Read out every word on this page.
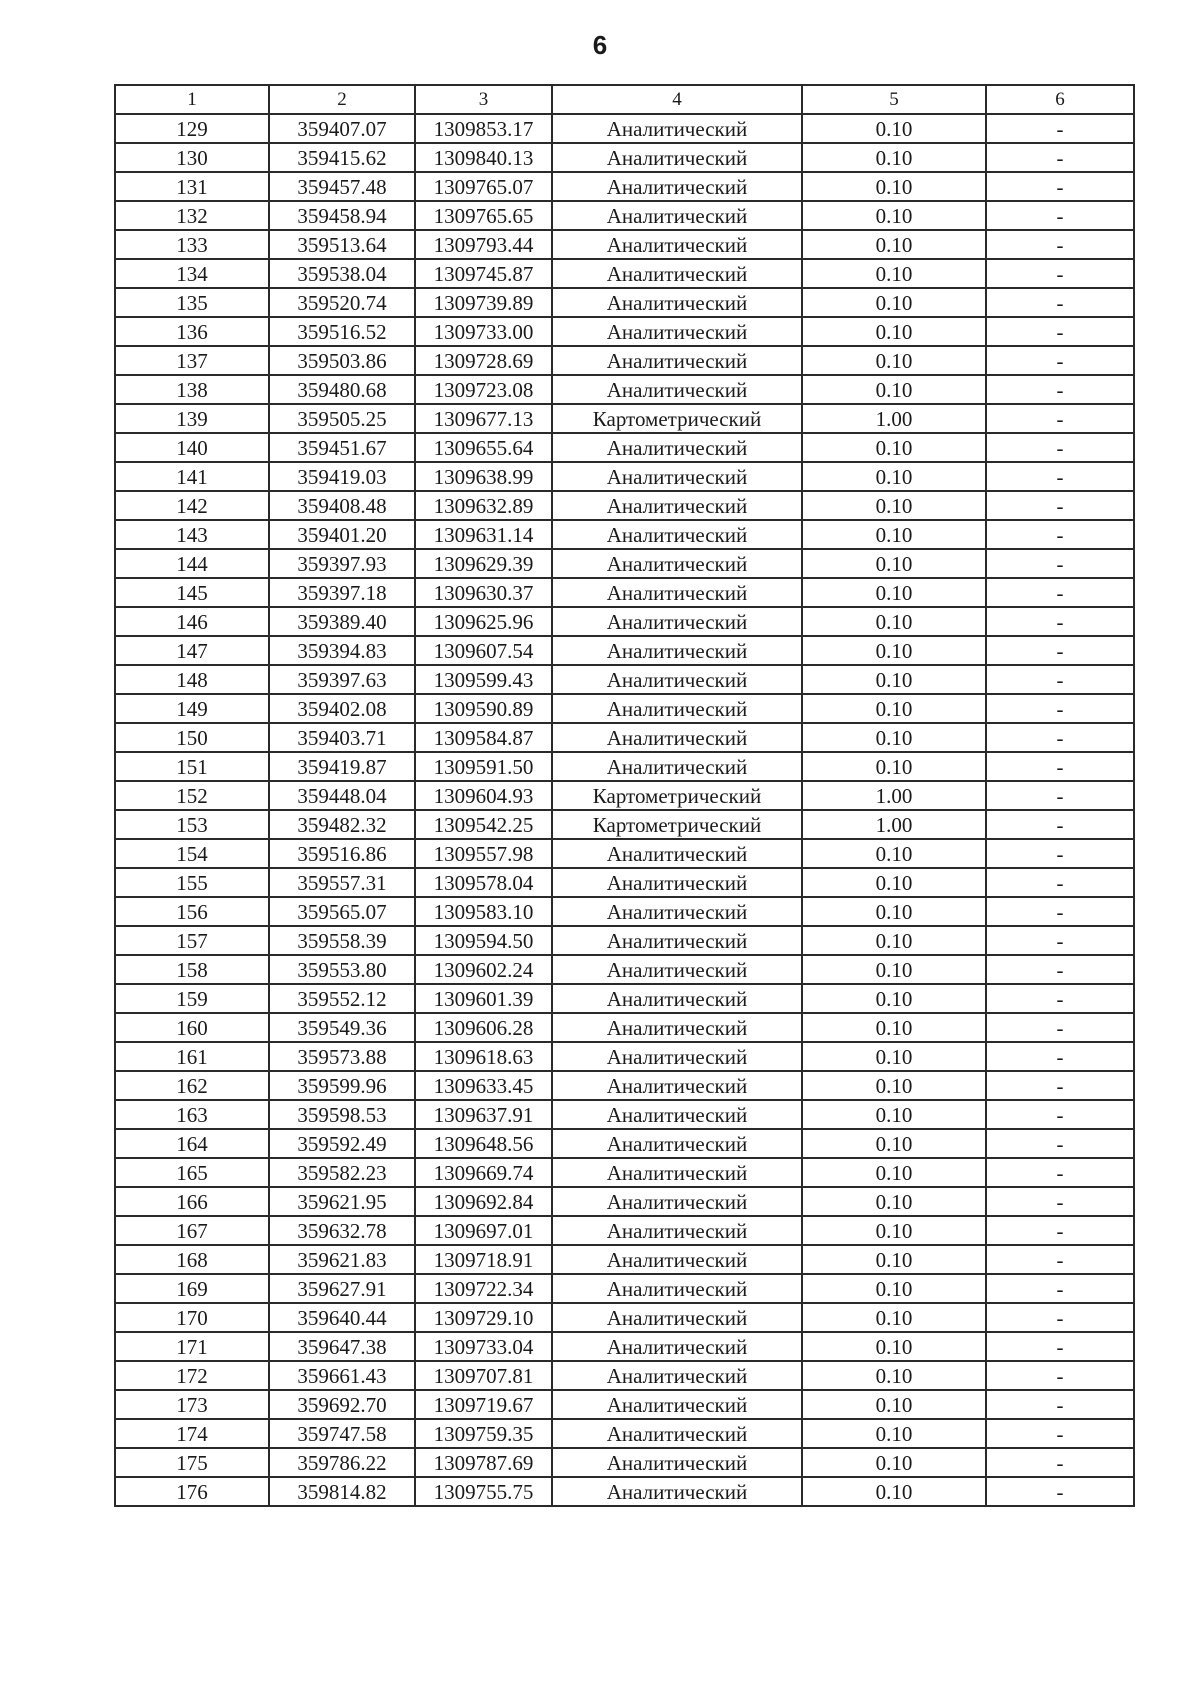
6
1	2	3	4	5	6
129	359407.07	1309853.17	Аналитический	0.10	-
130	359415.62	1309840.13	Аналитический	0.10	-
131	359457.48	1309765.07	Аналитический	0.10	-
132	359458.94	1309765.65	Аналитический	0.10	-
133	359513.64	1309793.44	Аналитический	0.10	-
134	359538.04	1309745.87	Аналитический	0.10	-
135	359520.74	1309739.89	Аналитический	0.10	-
136	359516.52	1309733.00	Аналитический	0.10	-
137	359503.86	1309728.69	Аналитический	0.10	-
138	359480.68	1309723.08	Аналитический	0.10	-
139	359505.25	1309677.13	Картометрический	1.00	-
140	359451.67	1309655.64	Аналитический	0.10	-
141	359419.03	1309638.99	Аналитический	0.10	-
142	359408.48	1309632.89	Аналитический	0.10	-
143	359401.20	1309631.14	Аналитический	0.10	-
144	359397.93	1309629.39	Аналитический	0.10	-
145	359397.18	1309630.37	Аналитический	0.10	-
146	359389.40	1309625.96	Аналитический	0.10	-
147	359394.83	1309607.54	Аналитический	0.10	-
148	359397.63	1309599.43	Аналитический	0.10	-
149	359402.08	1309590.89	Аналитический	0.10	-
150	359403.71	1309584.87	Аналитический	0.10	-
151	359419.87	1309591.50	Аналитический	0.10	-
152	359448.04	1309604.93	Картометрический	1.00	-
153	359482.32	1309542.25	Картометрический	1.00	-
154	359516.86	1309557.98	Аналитический	0.10	-
155	359557.31	1309578.04	Аналитический	0.10	-
156	359565.07	1309583.10	Аналитический	0.10	-
157	359558.39	1309594.50	Аналитический	0.10	-
158	359553.80	1309602.24	Аналитический	0.10	-
159	359552.12	1309601.39	Аналитический	0.10	-
160	359549.36	1309606.28	Аналитический	0.10	-
161	359573.88	1309618.63	Аналитический	0.10	-
162	359599.96	1309633.45	Аналитический	0.10	-
163	359598.53	1309637.91	Аналитический	0.10	-
164	359592.49	1309648.56	Аналитический	0.10	-
165	359582.23	1309669.74	Аналитический	0.10	-
166	359621.95	1309692.84	Аналитический	0.10	-
167	359632.78	1309697.01	Аналитический	0.10	-
168	359621.83	1309718.91	Аналитический	0.10	-
169	359627.91	1309722.34	Аналитический	0.10	-
170	359640.44	1309729.10	Аналитический	0.10	-
171	359647.38	1309733.04	Аналитический	0.10	-
172	359661.43	1309707.81	Аналитический	0.10	-
173	359692.70	1309719.67	Аналитический	0.10	-
174	359747.58	1309759.35	Аналитический	0.10	-
175	359786.22	1309787.69	Аналитический	0.10	-
176	359814.82	1309755.75	Аналитический	0.10	-
